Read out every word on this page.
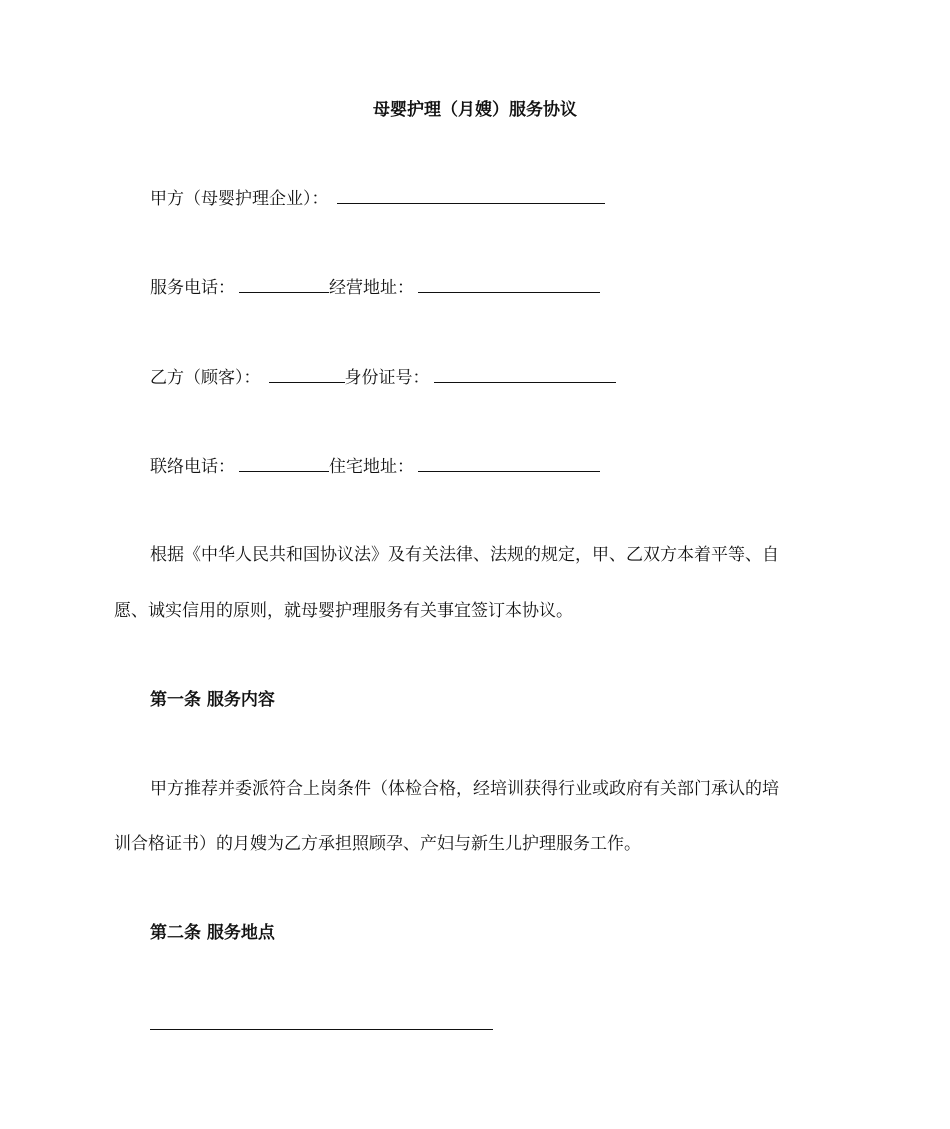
母婴护理（月嫂）服务协议
甲方（母婴护理企业）：
服务电话：	经营地址：
乙方（顾客）：	身份证号：
联络电话：	住宅地址：
根据《中华人民共和国协议法》及有关法律、法规的规定，甲、乙双方本着平等、自
愿、诚实信用的原则，就母婴护理服务有关事宜签订本协议。
第一条 服务内容
甲方推荐并委派符合上岗条件（体检合格，经培训获得行业或政府有关部门承认的培
训合格证书）的月嫂为乙方承担照顾孕、产妇与新生儿护理服务工作。
第二条 服务地点
